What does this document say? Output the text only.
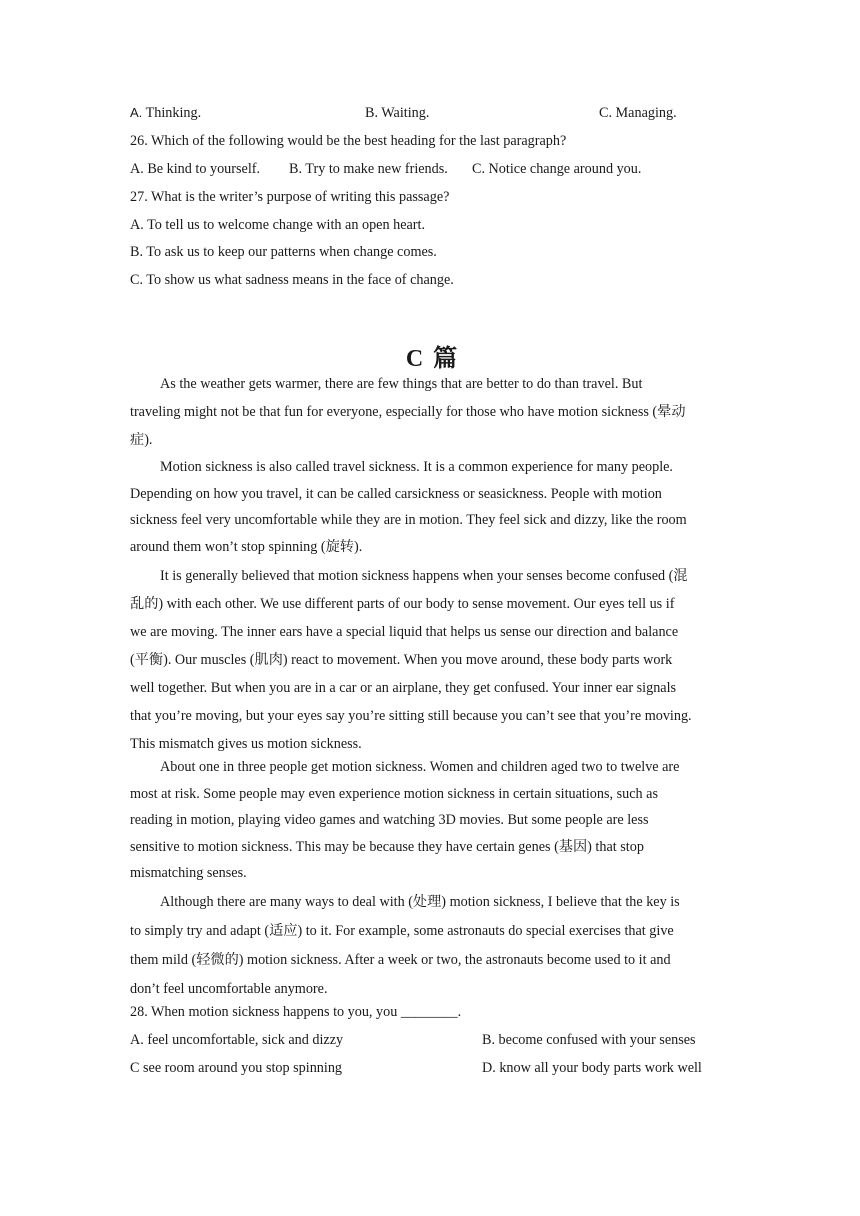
A. Thinking.	B. Waiting.	C. Managing.
26. Which of the following would be the best heading for the last paragraph?
A. Be kind to yourself. B. Try to make new friends. C. Notice change around you.
27. What is the writer’s purpose of writing this passage?
A. To tell us to welcome change with an open heart.
B. To ask us to keep our patterns when change comes.
C. To show us what sadness means in the face of change.
C 篇
As the weather gets warmer, there are few things that are better to do than travel. But
traveling might not be that fun for everyone, especially for those who have motion sickness (晕动
症).
Motion sickness is also called travel sickness. It is a common experience for many people.
Depending on how you travel, it can be called carsickness or seasickness. People with motion
sickness feel very uncomfortable while they are in motion. They feel sick and dizzy, like the room
around them won’t stop spinning (旋转).
It is generally believed that motion sickness happens when your senses become confused (混
乱的) with each other. We use different parts of our body to sense movement. Our eyes tell us if
we are moving. The inner ears have a special liquid that helps us sense our direction and balance
(平衡). Our muscles (肌肉) react to movement. When you move around, these body parts work
well together. But when you are in a car or an airplane, they get confused. Your inner ear signals
that you’re moving, but your eyes say you’re sitting still because you can’t see that you’re moving.
This mismatch gives us motion sickness.
About one in three people get motion sickness. Women and children aged two to twelve are
most at risk. Some people may even experience motion sickness in certain situations, such as
reading in motion, playing video games and watching 3D movies. But some people are less
sensitive to motion sickness. This may be because they have certain genes (基因) that stop
mismatching senses.
Although there are many ways to deal with (处理) motion sickness, I believe that the key is
to simply try and adapt (适应) to it. For example, some astronauts do special exercises that give
them mild (轻微的) motion sickness. After a week or two, the astronauts become used to it and
don’t feel uncomfortable anymore.
28. When motion sickness happens to you, you ________.
A. feel uncomfortable, sick and dizzy	B. become confused with your senses
C see room around you stop spinning	D. know all your body parts work well
